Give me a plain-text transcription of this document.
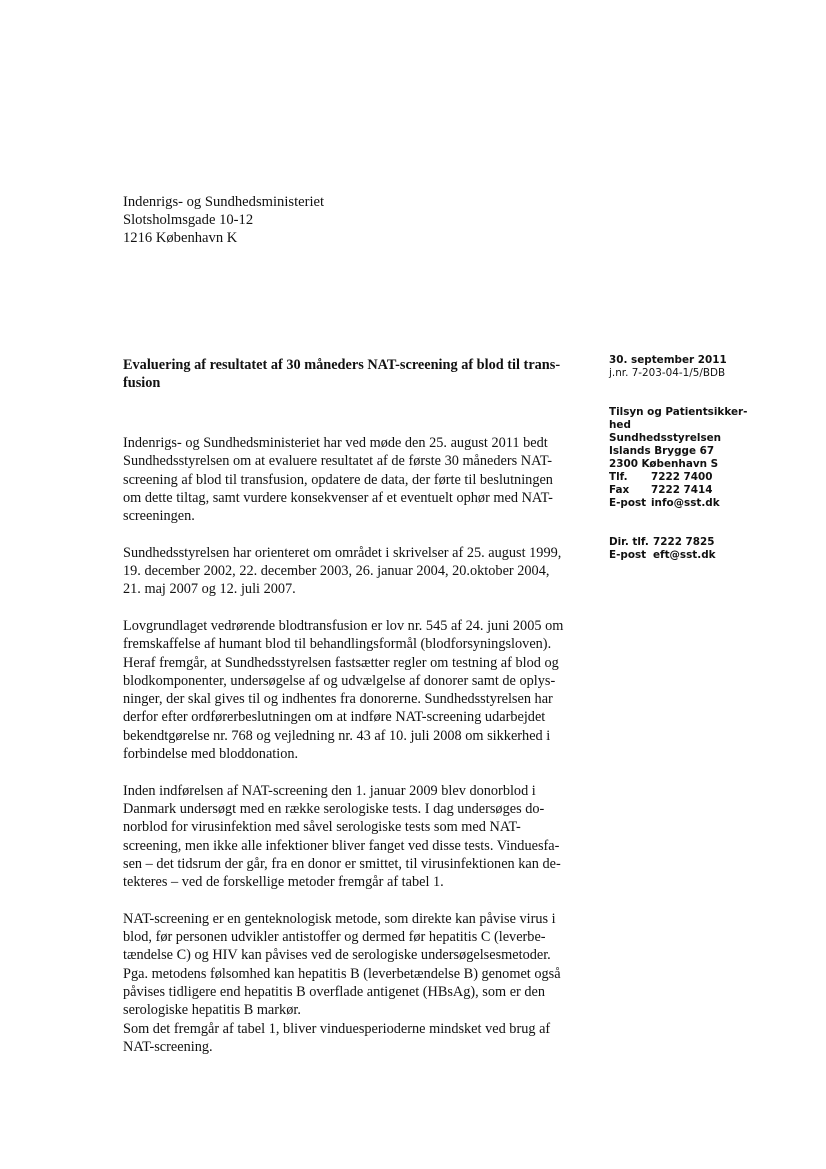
Indenrigs- og Sundhedsministeriet
Slotsholmsgade 10-12
1216 København K
Evaluering af resultatet af 30 måneders NAT-screening af blod til trans-
fusion
30. september 2011
j.nr. 7-203-04-1/5/BDB
Tilsyn og Patientsikker-
hed
Sundhedsstyrelsen
Islands Brygge 67
2300 København S
Tlf.	7222 7400
Fax	7222 7414
E-post info@sst.dk
Dir. tlf. 7222 7825
E-post eft@sst.dk

Indenrigs- og Sundhedsministeriet har ved møde den 25. august 2011 bedt
Sundhedsstyrelsen om at evaluere resultatet af de første 30 måneders NAT-
screening af blod til transfusion, opdatere de data, der førte til beslutningen
om dette tiltag, samt vurdere konsekvenser af et eventuelt ophør med NAT-
screeningen.

Sundhedsstyrelsen har orienteret om området i skrivelser af 25. august 1999,
19. december 2002, 22. december 2003, 26. januar 2004, 20.oktober 2004,
21. maj 2007 og 12. juli 2007.

Lovgrundlaget vedrørende blodtransfusion er lov nr. 545 af 24. juni 2005 om
fremskaffelse af humant blod til behandlingsformål (blodforsyningsloven).
Heraf fremgår, at Sundhedsstyrelsen fastsætter regler om testning af blod og
blodkomponenter, undersøgelse af og udvælgelse af donorer samt de oplys-
ninger, der skal gives til og indhentes fra donorerne. Sundhedsstyrelsen har
derfor efter ordførerbeslutningen om at indføre NAT-screening udarbejdet
bekendtgørelse nr. 768 og vejledning nr. 43 af 10. juli 2008 om sikkerhed i
forbindelse med bloddonation.

Inden indførelsen af NAT-screening den 1. januar 2009 blev donorblod i
Danmark undersøgt med en række serologiske tests. I dag undersøges do-
norblod for virusinfektion med såvel serologiske tests som med NAT-
screening, men ikke alle infektioner bliver fanget ved disse tests. Vinduesfa-
sen – det tidsrum der går, fra en donor er smittet, til virusinfektionen kan de-
tekteres – ved de forskellige metoder fremgår af tabel 1.

NAT-screening er en genteknologisk metode, som direkte kan påvise virus i
blod, før personen udvikler antistoffer og dermed før hepatitis C (leverbe-
tændelse C) og HIV kan påvises ved de serologiske undersøgelsesmetoder.
Pga. metodens følsomhed kan hepatitis B (leverbetændelse B) genomet også
påvises tidligere end hepatitis B overflade antigenet (HBsAg), som er den
serologiske hepatitis B markør.
Som det fremgår af tabel 1, bliver vinduesperioderne mindsket ved brug af
NAT-screening.
